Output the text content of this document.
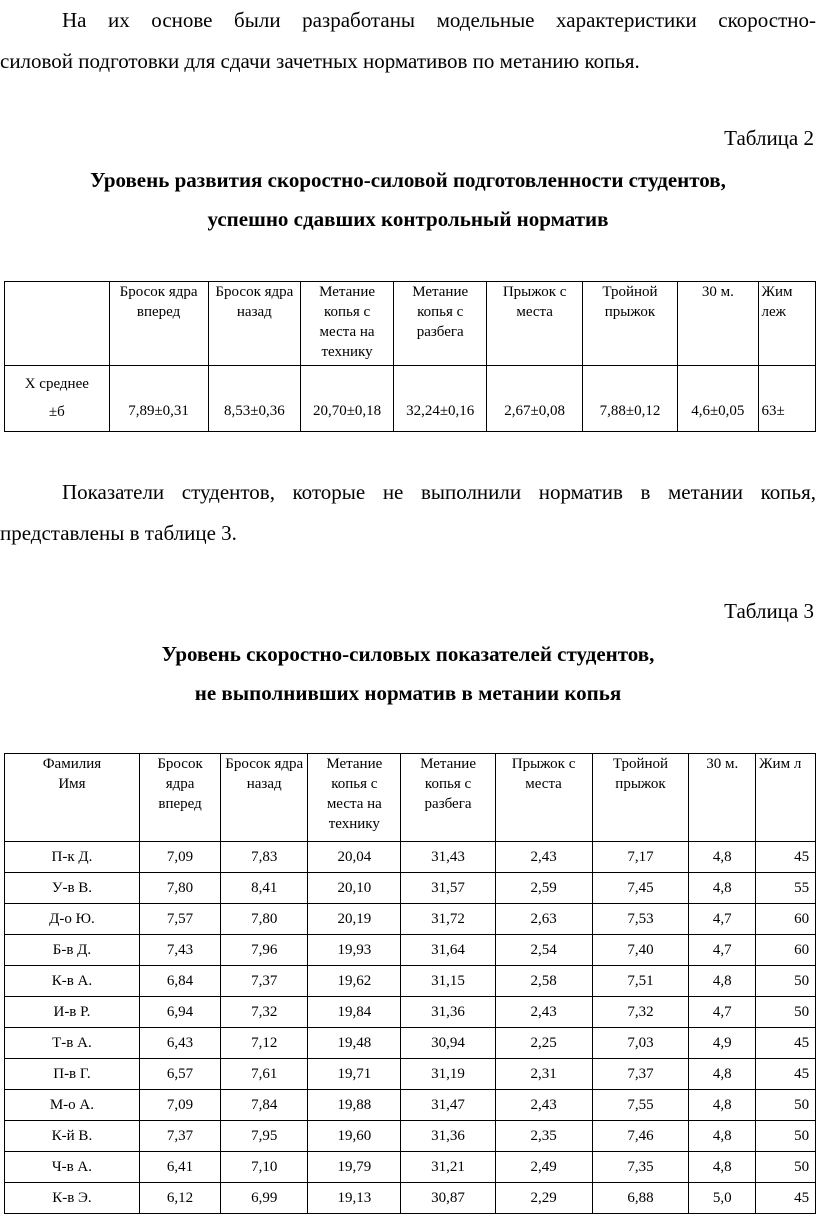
На их основе были разработаны модельные характеристики скоростно-
силовой подготовки для сдачи зачетных нормативов по метанию копья.
Таблица 2
Уровень развития скоростно-силовой подготовленности студентов,
успешно сдавших контрольный норматив
	Бросок ядра вперед	Бросок ядра назад	Метание копья с места на технику	Метание копья с разбега	Прыжок с места	Тройной прыжок	30 м.	Жим леж

Х среднее
±б	7,89±0,31	8,53±0,36	20,70±0,18	32,24±0,16	2,67±0,08	7,88±0,12	4,6±0,05	63±
Показатели студентов, которые не выполнили норматив в метании копья,
представлены в таблице 3.
Таблица 3
Уровень скоростно-силовых показателей студентов,
не выполнивших норматив в метании копья
Фамилия Имя	Бросок ядра вперед	Бросок ядра назад	Метание копья с места на технику	Метание копья с разбега	Прыжок с места	Тройной прыжок	30 м.	Жим л
П-к Д.	7,09	7,83	20,04	31,43	2,43	7,17	4,8	45
У-в В.	7,80	8,41	20,10	31,57	2,59	7,45	4,8	55
Д-о Ю.	7,57	7,80	20,19	31,72	2,63	7,53	4,7	60
Б-в Д.	7,43	7,96	19,93	31,64	2,54	7,40	4,7	60
К-в А.	6,84	7,37	19,62	31,15	2,58	7,51	4,8	50
И-в Р.	6,94	7,32	19,84	31,36	2,43	7,32	4,7	50
Т-в А.	6,43	7,12	19,48	30,94	2,25	7,03	4,9	45
П-в Г.	6,57	7,61	19,71	31,19	2,31	7,37	4,8	45
М-о А.	7,09	7,84	19,88	31,47	2,43	7,55	4,8	50
К-й В.	7,37	7,95	19,60	31,36	2,35	7,46	4,8	50
Ч-в А.	6,41	7,10	19,79	31,21	2,49	7,35	4,8	50
К-в Э.	6,12	6,99	19,13	30,87	2,29	6,88	5,0	45
